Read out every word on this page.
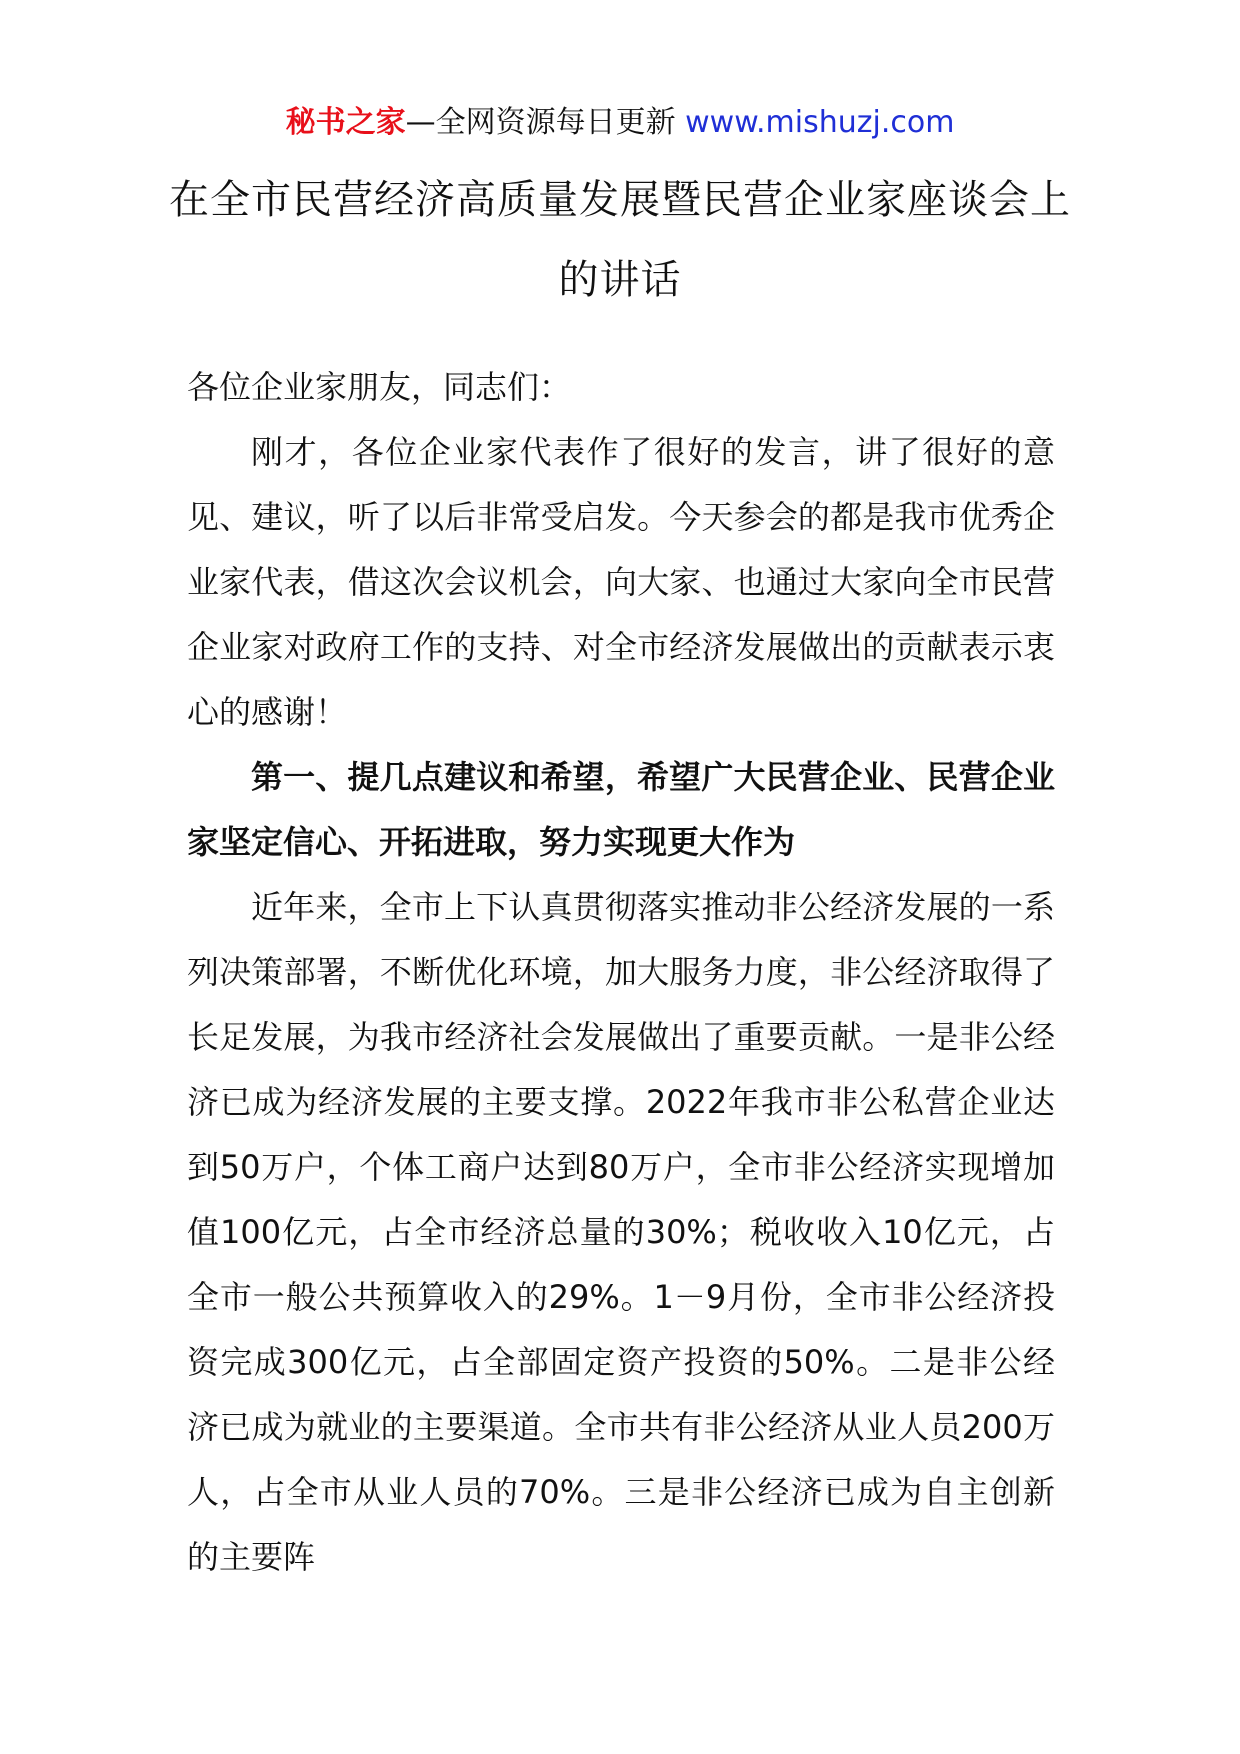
秘书之家—全网资源每日更新 www.mishuzj.com
在全市民营经济高质量发展暨民营企业家座谈会上的讲话

各位企业家朋友，同志们：

刚才，各位企业家代表作了很好的发言，讲了很好的意见、建议，听了以后非常受启发。今天参会的都是我市优秀企业家代表，借这次会议机会，向大家、也通过大家向全市民营企业家对政府工作的支持、对全市经济发展做出的贡献表示衷心的感谢！

第一、提几点建议和希望，希望广大民营企业、民营企业家坚定信心、开拓进取，努力实现更大作为

近年来，全市上下认真贯彻落实推动非公经济发展的一系列决策部署，不断优化环境，加大服务力度，非公经济取得了长足发展，为我市经济社会发展做出了重要贡献。一是非公经济已成为经济发展的主要支撑。2022年我市非公私营企业达到50万户，个体工商户达到80万户，全市非公经济实现增加值100亿元，占全市经济总量的30%；税收收入10亿元，占全市一般公共预算收入的29%。1－9月份，全市非公经济投资完成300亿元，占全部固定资产投资的50%。二是非公经济已成为就业的主要渠道。全市共有非公经济从业人员200万人，占全市从业人员的70%。三是非公经济已成为自主创新的主要阵
